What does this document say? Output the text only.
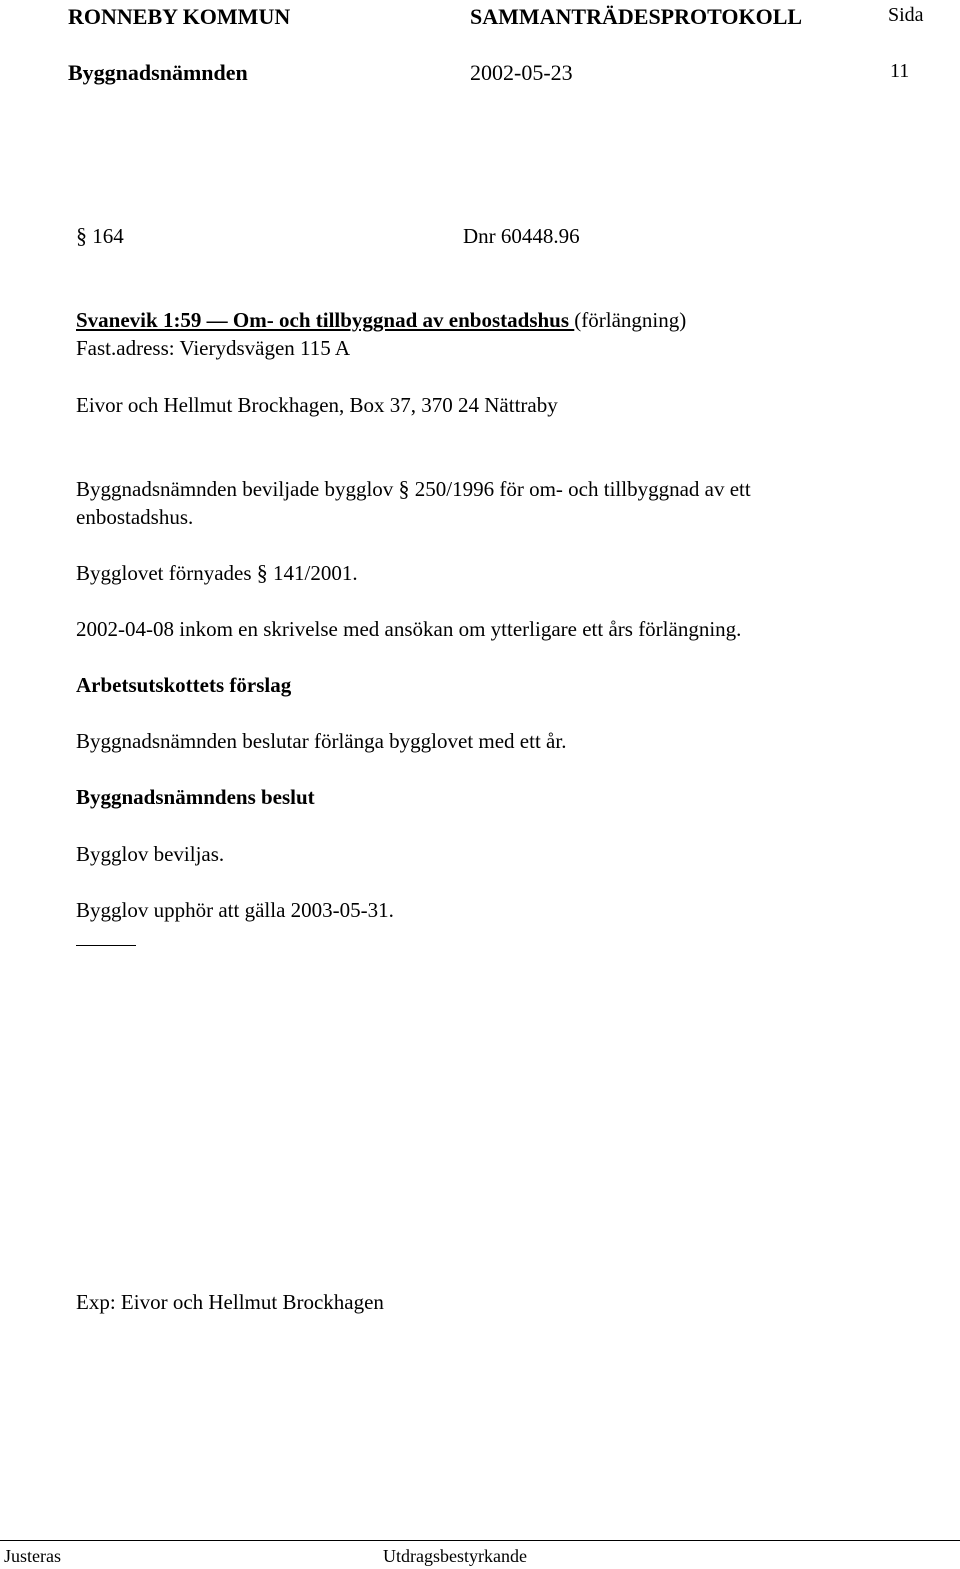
RONNEBY KOMMUN	SAMMANTRÄDESPROTOKOLL	Sida
Byggnadsnämnden	2002-05-23	11
§ 164	Dnr 60448.96
Svanevik 1:59 — Om- och tillbyggnad av enbostadshus (förlängning)
Fast.adress: Vierydsvägen 115 A
Eivor och Hellmut Brockhagen, Box 37, 370 24 Nättraby
Byggnadsnämnden beviljade bygglov § 250/1996 för om- och tillbyggnad av ett
enbostadshus.
Bygglovet förnyades § 141/2001.
2002-04-08 inkom en skrivelse med ansökan om ytterligare ett års förlängning.
Arbetsutskottets förslag
Byggnadsnämnden beslutar förlänga bygglovet med ett år.
Byggnadsnämndens beslut
Bygglov beviljas.
Bygglov upphör att gälla 2003-05-31.
Exp: Eivor och Hellmut Brockhagen
Justeras	Utdragsbestyrkande
